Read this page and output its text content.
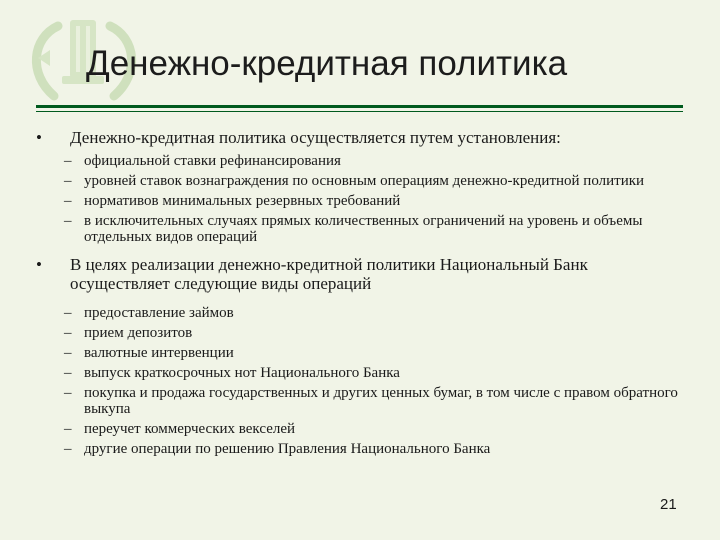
Денежно-кредитная политика
• Денежно-кредитная политика осуществляется путем установления:
– официальной ставки рефинансирования
– уровней ставок вознаграждения по основным операциям денежно-кредитной политики
– нормативов минимальных резервных требований
– в исключительных случаях прямых количественных ограничений на уровень и объемы отдельных видов операций
• В целях реализации денежно-кредитной политики Национальный Банк осуществляет следующие виды операций
– предоставление займов
– прием депозитов
– валютные интервенции
– выпуск краткосрочных нот Национального Банка
– покупка и продажа государственных и других ценных бумаг, в том числе с правом обратного выкупа
– переучет коммерческих векселей
– другие операции по решению Правления Национального Банка
21
